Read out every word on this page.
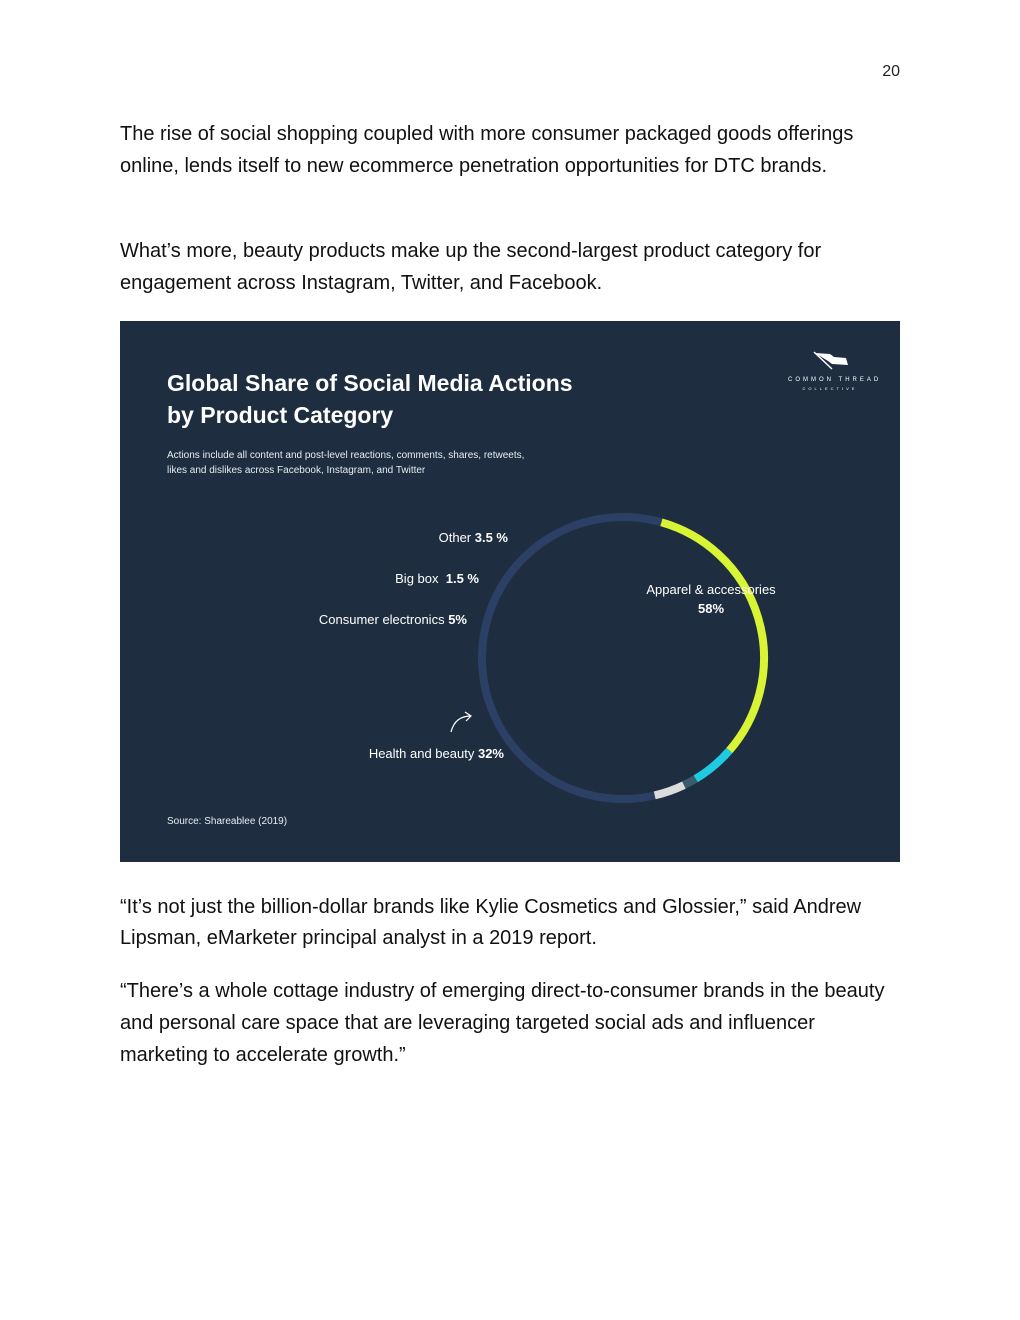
20

The rise of social shopping coupled with more consumer packaged goods offerings online, lends itself to new ecommerce penetration opportunities for DTC brands.

What’s more, beauty products make up the second-largest product category for engagement across Instagram, Twitter, and Facebook.

Global Share of Social Media Actions
by Product Category

Actions include all content and post-level reactions, comments, shares, retweets, likes and dislikes across Facebook, Instagram, and Twitter

COMMON THREAD
COLLECTIVE
Other 3.5 %
Big box 1.5 %
Consumer electronics 5%
Health and beauty 32%
Apparel & accessories
58%
Source: Shareablee (2019)

“It’s not just the billion-dollar brands like Kylie Cosmetics and Glossier,” said Andrew Lipsman, eMarketer principal analyst in a 2019 report.

“There’s a whole cottage industry of emerging direct-to-consumer brands in the beauty and personal care space that are leveraging targeted social ads and influencer marketing to accelerate growth.”
